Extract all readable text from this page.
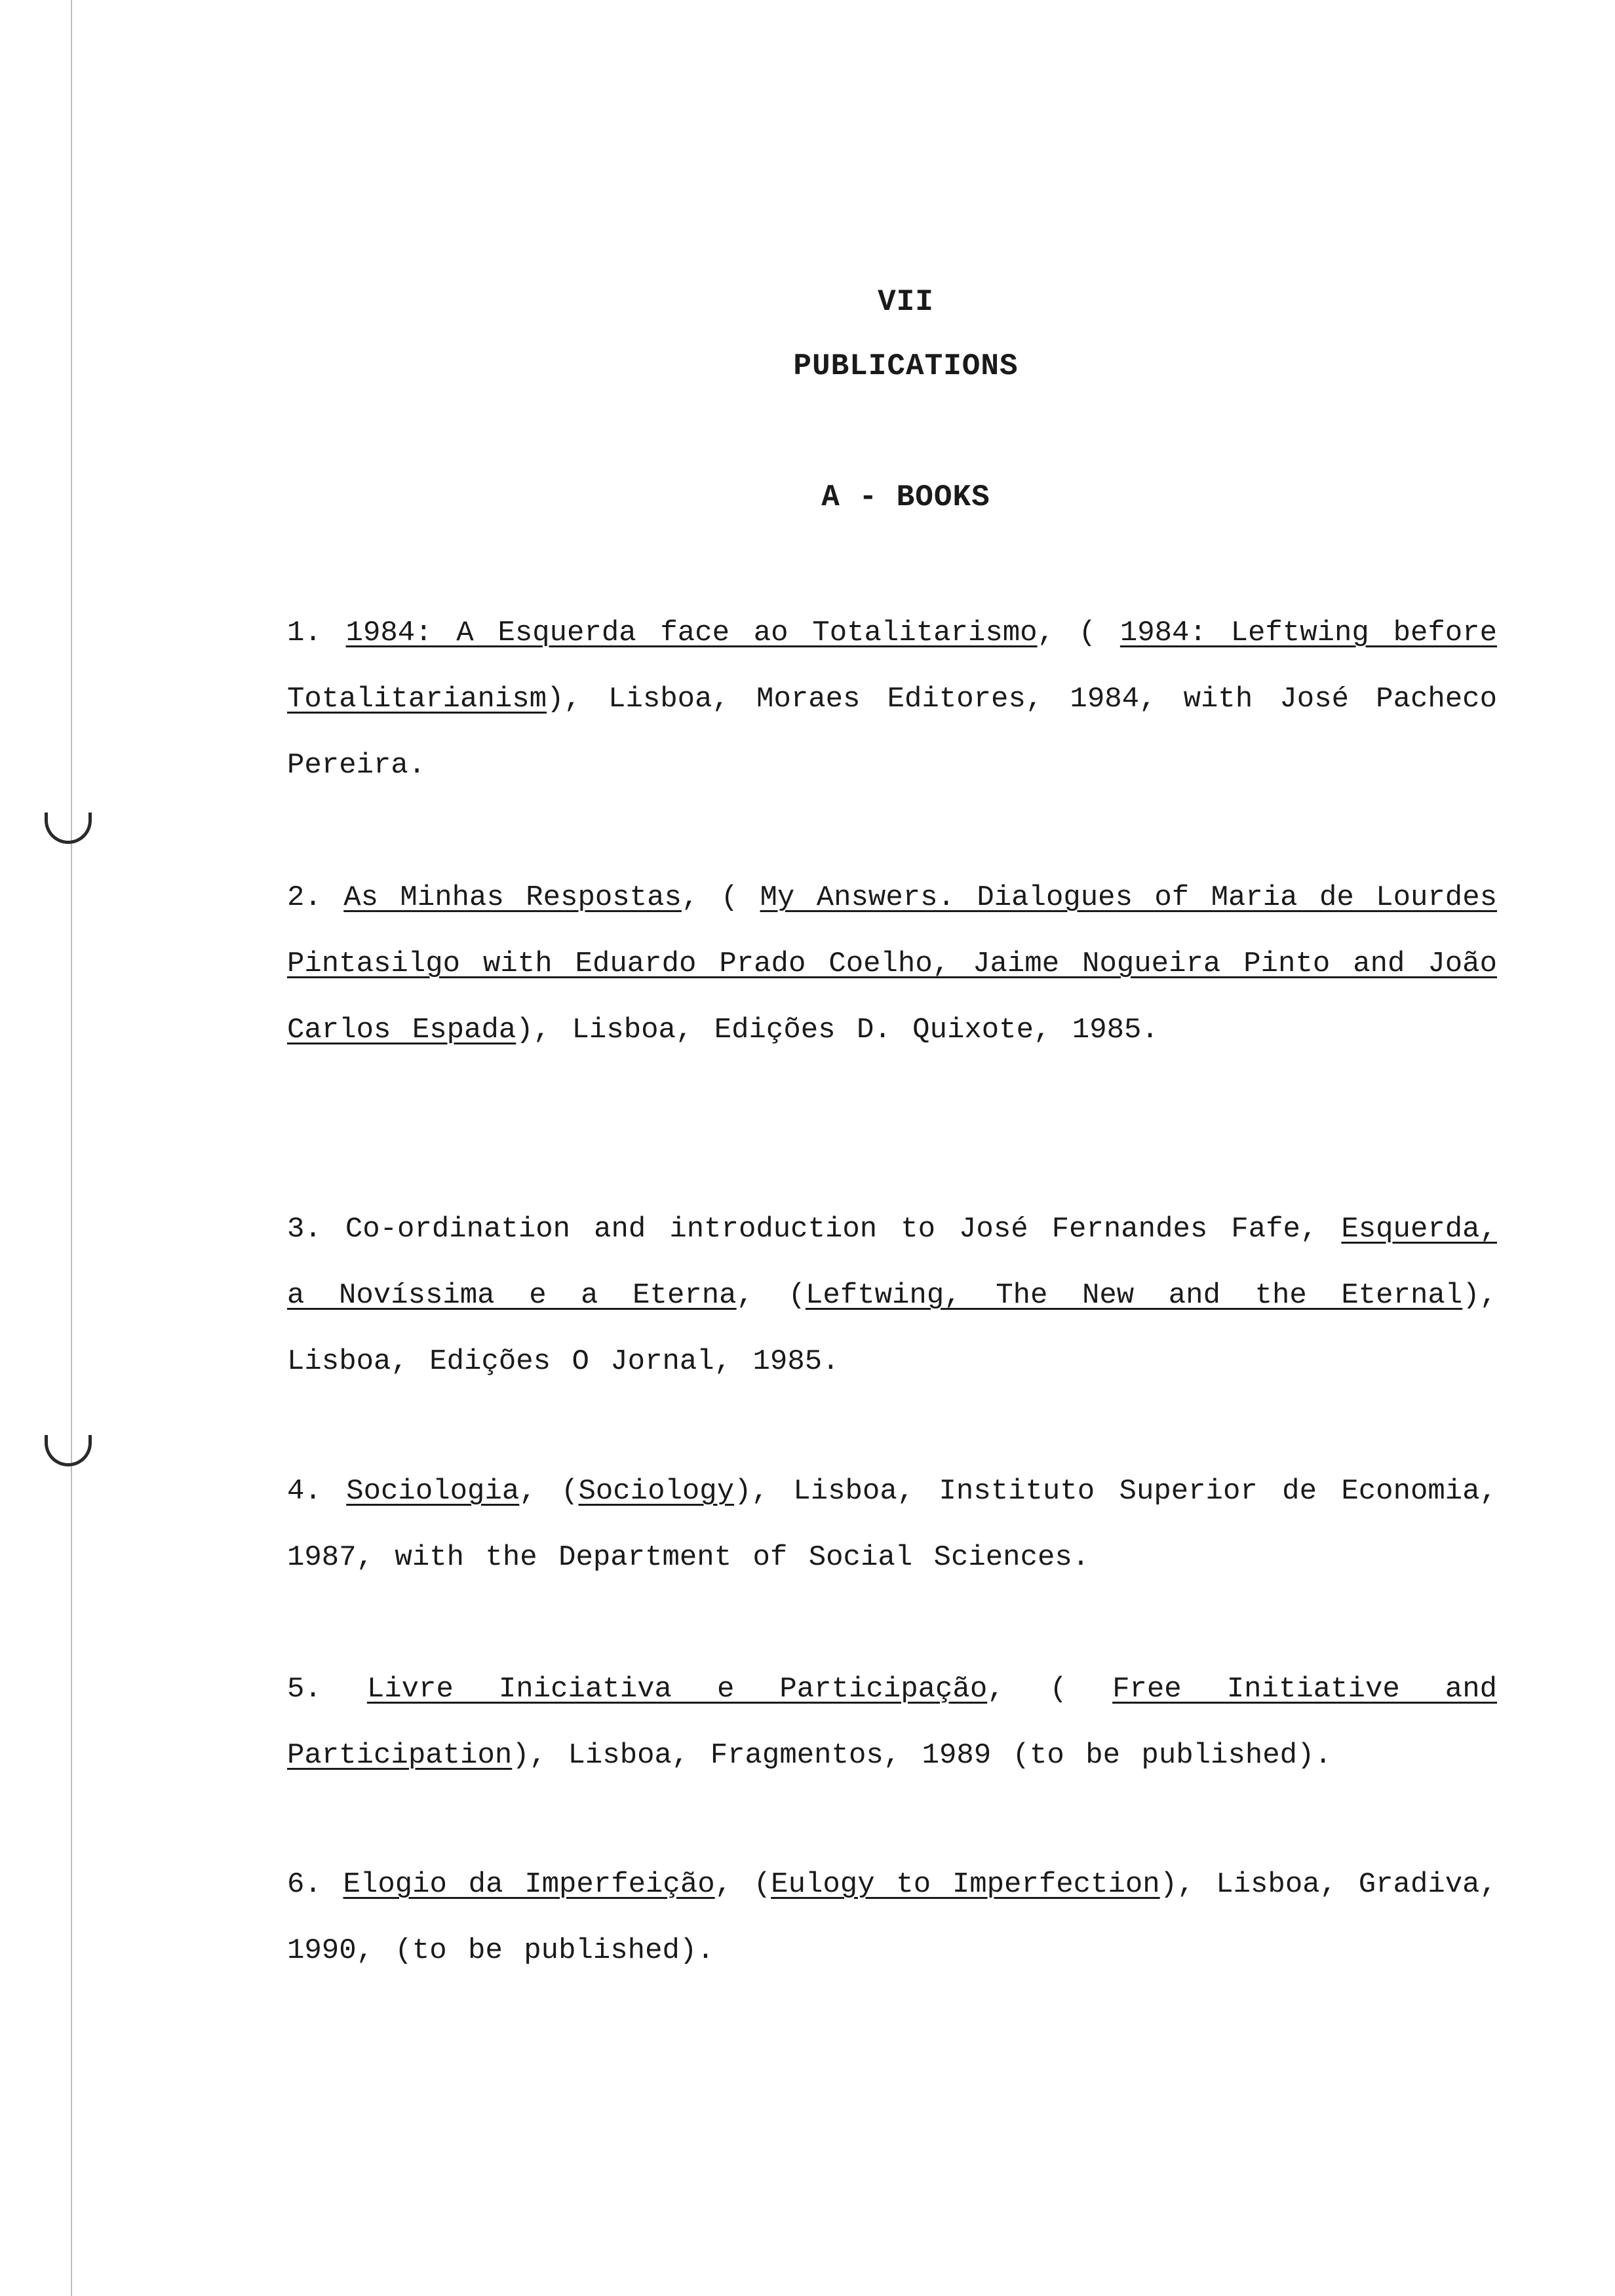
VII
PUBLICATIONS
A - BOOKS
1. 1984: A Esquerda face ao Totalitarismo, ( 1984: Leftwing before Totalitarianism), Lisboa, Moraes Editores, 1984, with José Pacheco Pereira.
2. As Minhas Respostas, ( My Answers. Dialogues of Maria de Lourdes Pintasilgo with Eduardo Prado Coelho, Jaime Nogueira Pinto and João Carlos Espada), Lisboa, Edições D. Quixote, 1985.
3. Co-ordination and introduction to José Fernandes Fafe, Esquerda, a Novíssima e a Eterna, (Leftwing, The New and the Eternal), Lisboa, Edições O Jornal, 1985.
4. Sociologia, (Sociology), Lisboa, Instituto Superior de Economia, 1987, with the Department of Social Sciences.
5. Livre Iniciativa e Participação, ( Free Initiative and Participation), Lisboa, Fragmentos, 1989 (to be published).
6. Elogio da Imperfeição, (Eulogy to Imperfection), Lisboa, Gradiva, 1990, (to be published).
